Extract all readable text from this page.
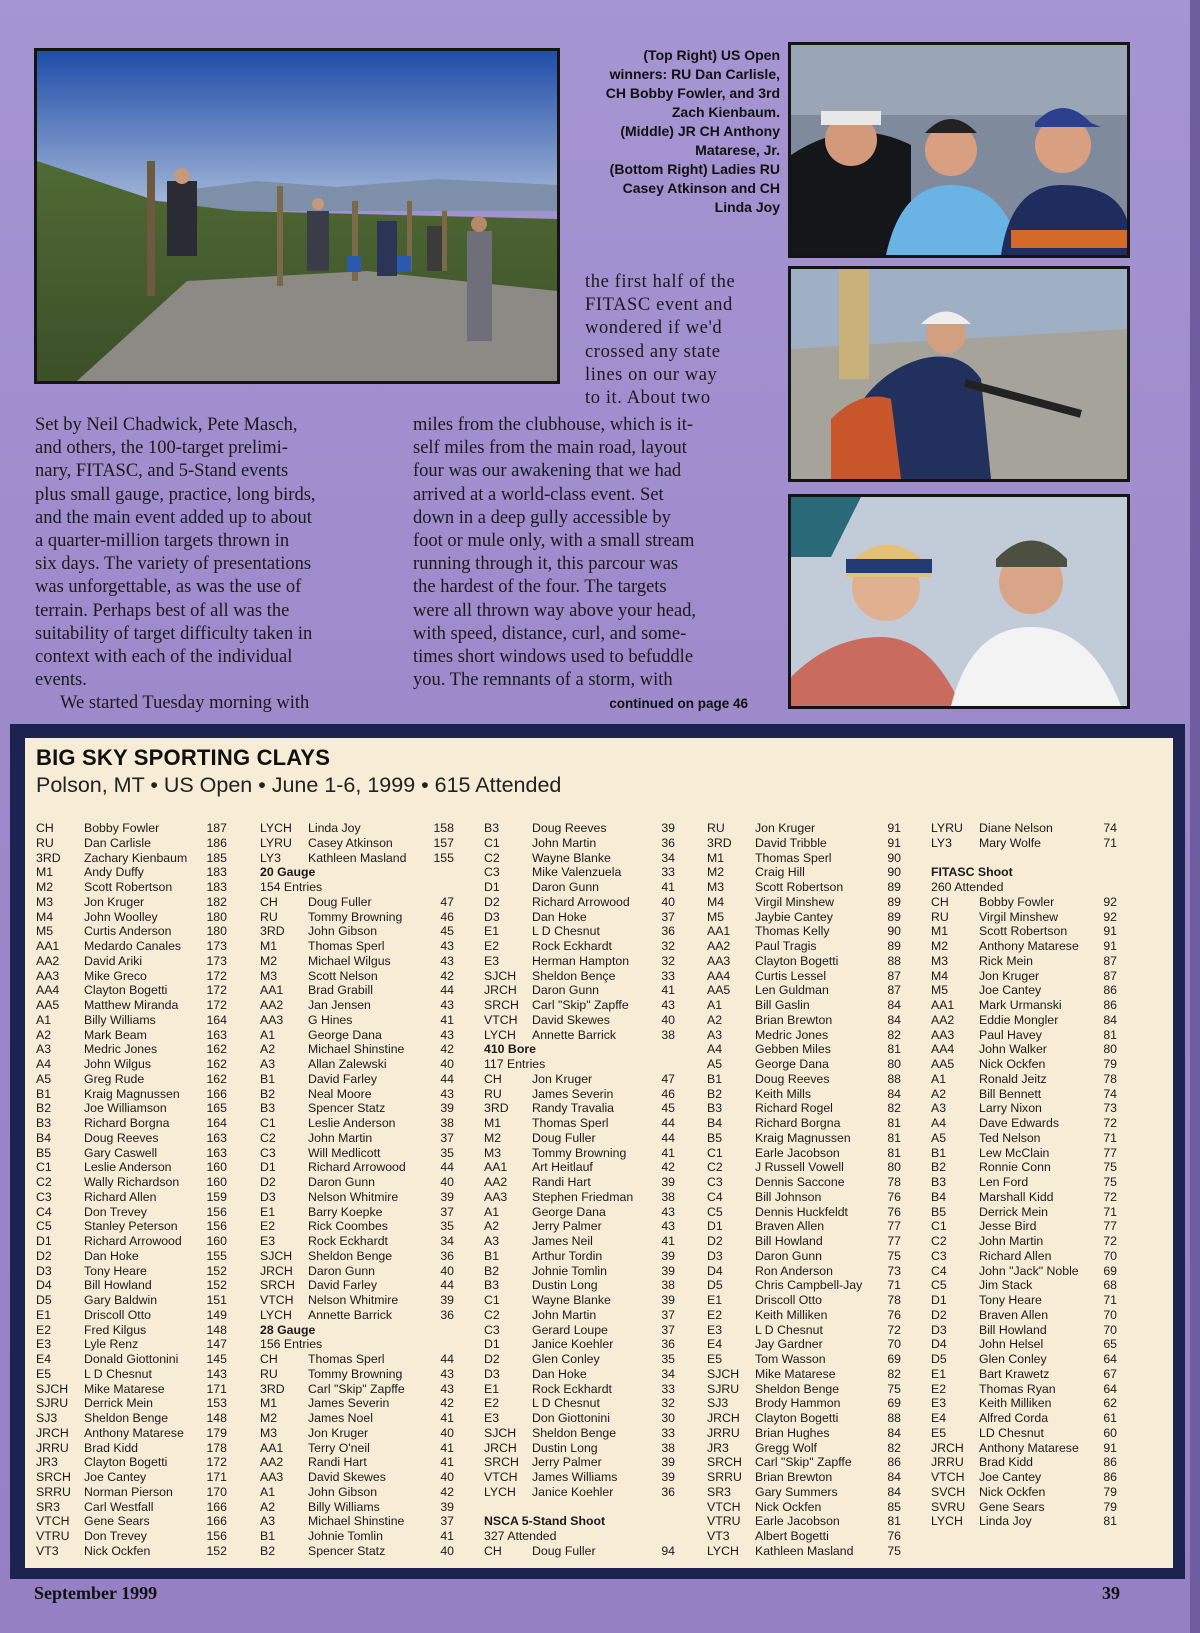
(Top Right) US Open
winners: RU Dan Carlisle,
CH Bobby Fowler, and 3rd
Zach Kienbaum.
(Middle) JR CH Anthony
Matarese, Jr.
(Bottom Right) Ladies RU
Casey Atkinson and CH
Linda Joy

the first half of the

FITASC event and

wondered if we'd

crossed any state

lines on our way

to it. About two

Set by Neil Chadwick, Pete Masch,

and others, the 100-target prelimi-

nary, FITASC, and 5-Stand events

plus small gauge, practice, long birds,

and the main event added up to about

a quarter-million targets thrown in

six days. The variety of presentations

was unforgettable, as was the use of

terrain. Perhaps best of all was the

suitability of target difficulty taken in

context with each of the individual

events.

We started Tuesday morning with

miles from the clubhouse, which is it-

self miles from the main road, layout

four was our awakening that we had

arrived at a world-class event. Set

down in a deep gully accessible by

foot or mule only, with a small stream

running through it, this parcour was

the hardest of the four. The targets

were all thrown way above your head,

with speed, distance, curl, and some-

times short windows used to befuddle

you. The remnants of a storm, with

continued on page 46
BIG SKY SPORTING CLAYS
Polson, MT • US Open • June 1-6, 1999 • 615 Attended
CH Bobby Fowler	187
RU Dan Carlisle	186
3RD Zachary Kienbaum	185
M1	Andy Duffy	183
M2	Scott Robertson	183
M3	Jon Kruger	182
M4	John Woolley	180
M5	Curtis Anderson	180
AA1 Medardo Canales	173
AA2 David Ariki	173
AA3 Mike Greco	172
AA4 Clayton Bogetti	172
AA5 Matthew Miranda	172
A1	Billy Williams	164
A2	Mark Beam	163
A3	Medric Jones	162
A4	John Wilgus	162
A5	Greg Rude	162
B1	Kraig Magnussen	166
B2	Joe Williamson	165
B3	Richard Borgna	164
B4	Doug Reeves	163
B5	Gary Caswell	163
C1	Leslie Anderson	160
C2	Wally Richardson	160
C3	Richard Allen	159
C4	Don Trevey	156
C5	Stanley Peterson	156
D1	Richard Arrowood	160
D2	Dan Hoke	155
D3	Tony Heare	152
D4	Bill Howland	152
D5	Gary Baldwin	151
E1	Driscoll Otto	149
E2	Fred Kilgus	148
E3	Lyle Renz	147
E4	Donald Giottonini	145
E5	L D Chesnut	143
SJCH Mike Matarese	171
SJRU Derrick Mein	153
SJ3 Sheldon Benge	148
JRCH Anthony Matarese	179
JRRU Brad Kidd	178
JR3 Clayton Bogetti	172
SRCH Joe Cantey	171
SRRU Norman Pierson	170
SR3 Carl Westfall	166
VTCH Gene Sears	166
VTRU Don Trevey	156
VT3 Nick Ockfen	152
LYCH Linda Joy	158
LYRU Casey Atkinson	157
LY3 Kathleen Masland	155
20 Gauge
154 Entries
CH Doug Fuller	47
RU Tommy Browning	46
3RD John Gibson	45
M1	Thomas Sperl	43
M2	Michael Wilgus	43
M3	Scott Nelson	42
AA1 Brad Grabill	44
AA2 Jan Jensen	43
AA3 G Hines	41
A1	George Dana	43
A2	Michael Shinstine	42
A3	Allan Zalewski	40
B1	David Farley	44
B2	Neal Moore	43
B3	Spencer Statz	39
C1	Leslie Anderson	38
C2	John Martin	37
C3	Will Medlicott	35
D1	Richard Arrowood	44
D2	Daron Gunn	40
D3	Nelson Whitmire	39
E1	Barry Koepke	37
E2	Rick Coombes	35
E3	Rock Eckhardt	34
SJCH Sheldon Benge	36
JRCH Daron Gunn	40
SRCH David Farley	44
VTCH Nelson Whitmire	39
LYCH Annette Barrick	36
28 Gauge
156 Entries
CH Thomas Sperl	44
RU Tommy Browning	43
3RD Carl "Skip" Zapffe	43
M1	James Severin	42
M2	James Noel	41
M3	Jon Kruger	40
AA1 Terry O'neil	41
AA2 Randi Hart	41
AA3 David Skewes	40
A1	John Gibson	42
A2	Billy Williams	39
A3	Michael Shinstine	37
B1	Johnie Tomlin	41
B2	Spencer Statz	40
B3	Doug Reeves	39
C1	John Martin	36
C2	Wayne Blanke	34
C3	Mike Valenzuela	33
D1	Daron Gunn	41
D2	Richard Arrowood	40
D3	Dan Hoke	37
E1	L D Chesnut	36
E2	Rock Eckhardt	32
E3	Herman Hampton	32
SJCH Sheldon Bençe	33
JRCH Daron Gunn	41
SRCH Carl "Skip" Zapffe	43
VTCH David Skewes	40
LYCH Annette Barrick	38
410 Bore
117 Entries
CH Jon Kruger	47
RU James Severin	46
3RD Randy Travalia	45
M1	Thomas Sperl	44
M2	Doug Fuller	44
M3	Tommy Browning	41
AA1 Art Heitlauf	42
AA2 Randi Hart	39
AA3 Stephen Friedman	38
A1	George Dana	43
A2	Jerry Palmer	43
A3	James Neil	41
B1	Arthur Tordin	39
B2	Johnie Tomlin	39
B3	Dustin Long	38
C1	Wayne Blanke	39
C2	John Martin	37
C3	Gerard Loupe	37
D1	Janice Koehler	36
D2	Glen Conley	35
D3	Dan Hoke	34
E1	Rock Eckhardt	33
E2	L D Chesnut	32
E3	Don Giottonini	30
SJCH Sheldon Benge	33
JRCH Dustin Long	38
SRCH Jerry Palmer	39
VTCH James Williams	39
LYCH Janice Koehler	36
NSCA 5-Stand Shoot
327 Attended
CH Doug Fuller	94
RU Jon Kruger	91
3RD David Tribble	91
M1	Thomas Sperl	90
M2	Craig Hill	90
M3	Scott Robertson	89
M4	Virgil Minshew	89
M5	Jaybie Cantey	89
AA1 Thomas Kelly	90
AA2 Paul Tragis	89
AA3 Clayton Bogetti	88
AA4 Curtis Lessel	87
AA5 Len Guldman	87
A1	Bill Gaslin	84
A2	Brian Brewton	84
A3	Medric Jones	82
A4	Gebben Miles	81
A5	George Dana	80
B1	Doug Reeves	88
B2	Keith Mills	84
B3	Richard Rogel	82
B4	Richard Borgna	81
B5	Kraig Magnussen	81
C1	Earle Jacobson	81
C2	J Russell Vowell	80
C3	Dennis Saccone	78
C4	Bill Johnson	76
C5	Dennis Huckfeldt	76
D1	Braven Allen	77
D2	Bill Howland	77
D3	Daron Gunn	75
D4	Ron Anderson	73
D5	Chris Campbell-Jay	71
E1	Driscoll Otto	78
E2	Keith Milliken	76
E3	L D Chesnut	72
E4	Jay Gardner	70
E5	Tom Wasson	69
SJCH Mike Matarese	82
SJRU Sheldon Benge	75
SJ3 Brody Hammon	69
JRCH Clayton Bogetti	88
JRRU Brian Hughes	84
JR3 Gregg Wolf	82
SRCH Carl "Skip" Zapffe	86
SRRU Brian Brewton	84
SR3 Gary Summers	84
VTCH Nick Ockfen	85
VTRU Earle Jacobson	81
VT3 Albert Bogetti	76
LYCH Kathleen Masland	75
LYRU Diane Nelson	74
LY3 Mary Wolfe	71
FITASC Shoot
260 Attended
CH Bobby Fowler	92
RU Virgil Minshew	92
M1	Scott Robertson	91
M2	Anthony Matarese	91
M3	Rick Mein	87
M4	Jon Kruger	87
M5	Joe Cantey	86
AA1 Mark Urmanski	86
AA2 Eddie Mongler	84
AA3 Paul Havey	81
AA4 John Walker	80
AA5 Nick Ockfen	79
A1	Ronald Jeitz	78
A2	Bill Bennett	74
A3	Larry Nixon	73
A4	Dave Edwards	72
A5	Ted Nelson	71
B1	Lew McClain	77
B2	Ronnie Conn	75
B3	Len Ford	75
B4	Marshall Kidd	72
B5	Derrick Mein	71
C1	Jesse Bird	77
C2	John Martin	72
C3	Richard Allen	70
C4	John "Jack" Noble	69
C5	Jim Stack	68
D1	Tony Heare	71
D2	Braven Allen	70
D3	Bill Howland	70
D4	John Helsel	65
D5	Glen Conley	64
E1	Bart Krawetz	67
E2	Thomas Ryan	64
E3	Keith Milliken	62
E4	Alfred Corda	61
E5	LD Chesnut	60
JRCH Anthony Matarese	91
JRRU Brad Kidd	86
VTCH Joe Cantey	86
SVCH Nick Ockfen	79
SVRU Gene Sears	79
LYCH Linda Joy	81
September 1999	39
